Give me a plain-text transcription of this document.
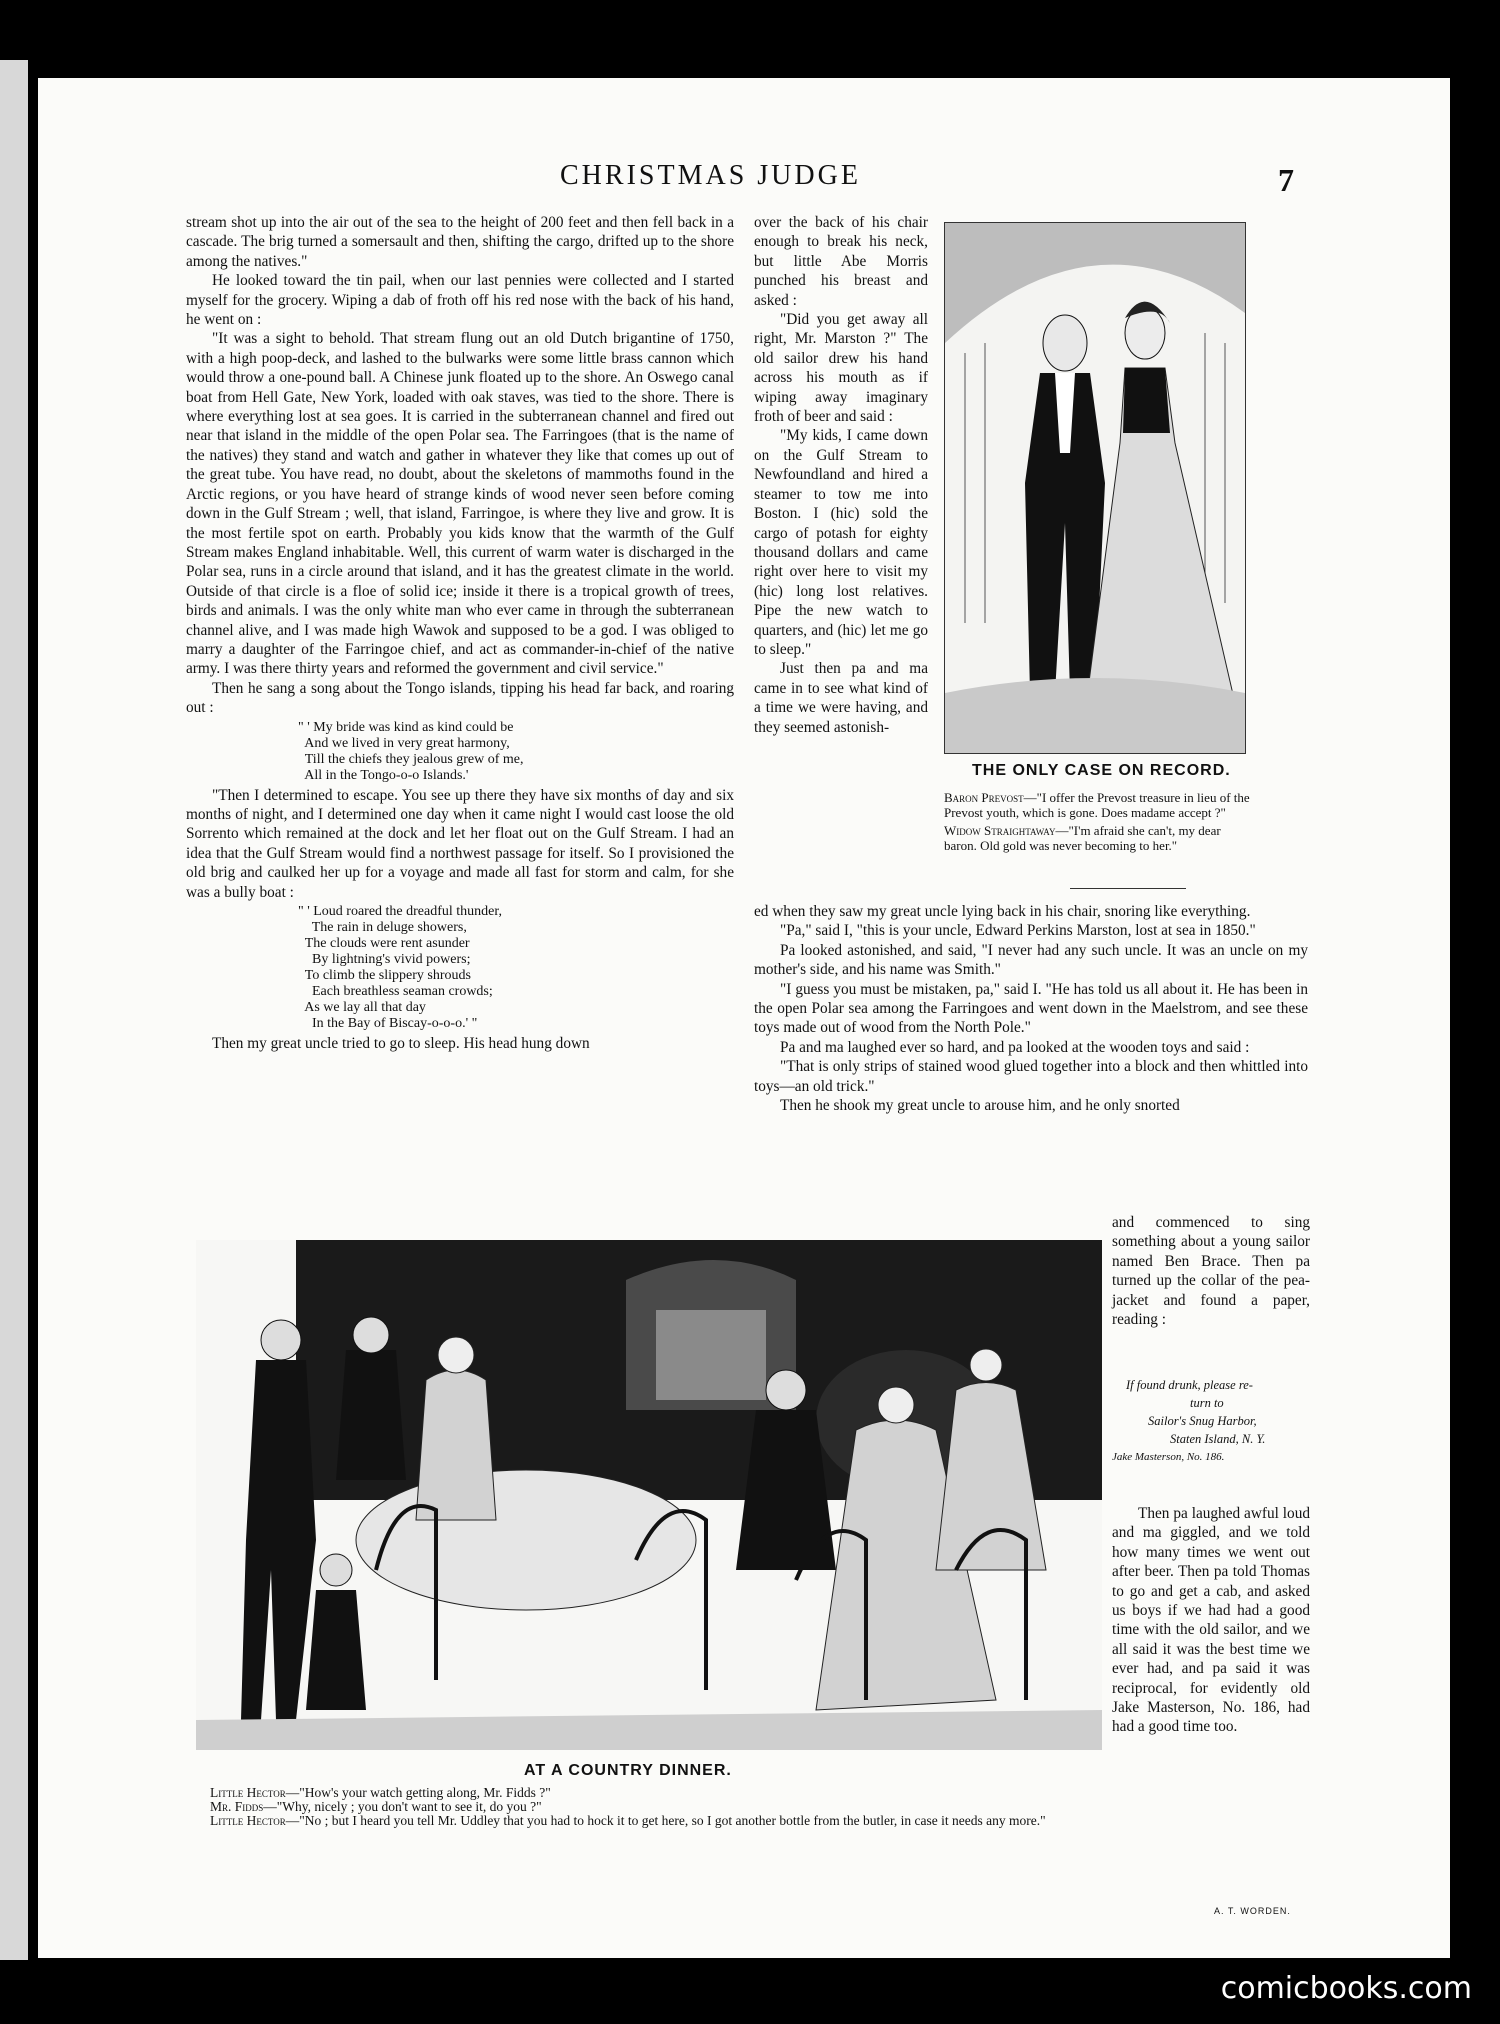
CHRISTMAS JUDGE	7

stream shot up into the air out of the sea to the height of 200 feet and then fell back in a cascade. The brig turned a somersault and then, shifting the cargo, drifted up to the shore among the natives."

He looked toward the tin pail, when our last pennies were collected and I started myself for the grocery. Wiping a dab of froth off his red nose with the back of his hand, he went on :

"It was a sight to behold. That stream flung out an old Dutch brigantine of 1750, with a high poop-deck, and lashed to the bulwarks were some little brass cannon which would throw a one-pound ball. A Chinese junk floated up to the shore. An Oswego canal boat from Hell Gate, New York, loaded with oak staves, was tied to the shore. There is where everything lost at sea goes. It is carried in the subterranean channel and fired out near that island in the middle of the open Polar sea. The Farringoes (that is the name of the natives) they stand and watch and gather in whatever they like that comes up out of the great tube. You have read, no doubt, about the skeletons of mammoths found in the Arctic regions, or you have heard of strange kinds of wood never seen before coming down in the Gulf Stream ; well, that island, Farringoe, is where they live and grow. It is the most fertile spot on earth. Probably you kids know that the warmth of the Gulf Stream makes England inhabitable. Well, this current of warm water is discharged in the Polar sea, runs in a circle around that island, and it has the greatest climate in the world. Outside of that circle is a floe of solid ice; inside it there is a tropical growth of trees, birds and animals. I was the only white man who ever came in through the subterranean channel alive, and I was made high Wawok and supposed to be a god. I was obliged to marry a daughter of the Farringoe chief, and act as commander-in-chief of the native army. I was there thirty years and reformed the government and civil service."

Then he sang a song about the Tongo islands, tipping his head far back, and roaring out :

" ' My bride was kind as kind could be
And we lived in very great harmony,
Till the chiefs they jealous grew of me,
All in the Tongo-o-o Islands.'

"Then I determined to escape. You see up there they have six months of day and six months of night, and I determined one day when it came night I would cast loose the old Sorrento which remained at the dock and let her float out on the Gulf Stream. I had an idea that the Gulf Stream would find a northwest passage for itself. So I provisioned the old brig and caulked her up for a voyage and made all fast for storm and calm, for she was a bully boat :

" ' Loud roared the dreadful thunder,
The rain in deluge showers,
The clouds were rent asunder
By lightning's vivid powers;
To climb the slippery shrouds
Each breathless seaman crowds;
As we lay all that day
In the Bay of Biscay-o-o-o.' "

Then my great uncle tried to go to sleep. His head hung down

over the back of his chair enough to break his neck, but little Abe Morris punched his breast and asked :

"Did you get away all right, Mr. Marston ?" The old sailor drew his hand across his mouth as if wiping away imaginary froth of beer and said :

"My kids, I came down on the Gulf Stream to Newfoundland and hired a steamer to tow me into Boston. I (hic) sold the cargo of potash for eighty thousand dollars and came right over here to visit my (hic) long lost relatives. Pipe the new watch to quarters, and (hic) let me go to sleep."

Just then pa and ma came in to see what kind of a time we were having, and they seemed astonish-

THE ONLY CASE ON RECORD.
Baron Prevost—"I offer the Prevost treasure in lieu of the Prevost youth, which is gone. Does madame accept ?"
Widow Straightaway—"I'm afraid she can't, my dear baron. Old gold was never becoming to her."

ed when they saw my great uncle lying back in his chair, snoring like everything.

"Pa," said I, "this is your uncle, Edward Perkins Marston, lost at sea in 1850."

Pa looked astonished, and said, "I never had any such uncle. It was an uncle on my mother's side, and his name was Smith."

"I guess you must be mistaken, pa," said I. "He has told us all about it. He has been in the open Polar sea among the Farringoes and went down in the Maelstrom, and see these toys made out of wood from the North Pole."

Pa and ma laughed ever so hard, and pa looked at the wooden toys and said :

"That is only strips of stained wood glued together into a block and then whittled into toys—an old trick."

Then he shook my great uncle to arouse him, and he only snorted

and commenced to sing something about a young sailor named Ben Brace. Then pa turned up the collar of the pea-jacket and found a paper, reading :

If found drunk, please re-
turn to
Sailor's Snug Harbor,
Staten Island, N. Y.
Jake Masterson, No. 186.

Then pa laughed awful loud and ma giggled, and we told how many times we went out after beer. Then pa told Thomas to go and get a cab, and asked us boys if we had had a good time with the old sailor, and we all said it was the best time we ever had, and pa said it was reciprocal, for evidently old Jake Masterson, No. 186, had had a good time too.

A. T. WORDEN.
AT A COUNTRY DINNER.
Little Hector—"How's your watch getting along, Mr. Fidds ?"
Mr. Fidds—"Why, nicely ; you don't want to see it, do you ?"
Little Hector—"No ; but I heard you tell Mr. Uddley that you had to hock it to get here, so I got another bottle from the butler, in case it needs any more."
comicbooks.com
